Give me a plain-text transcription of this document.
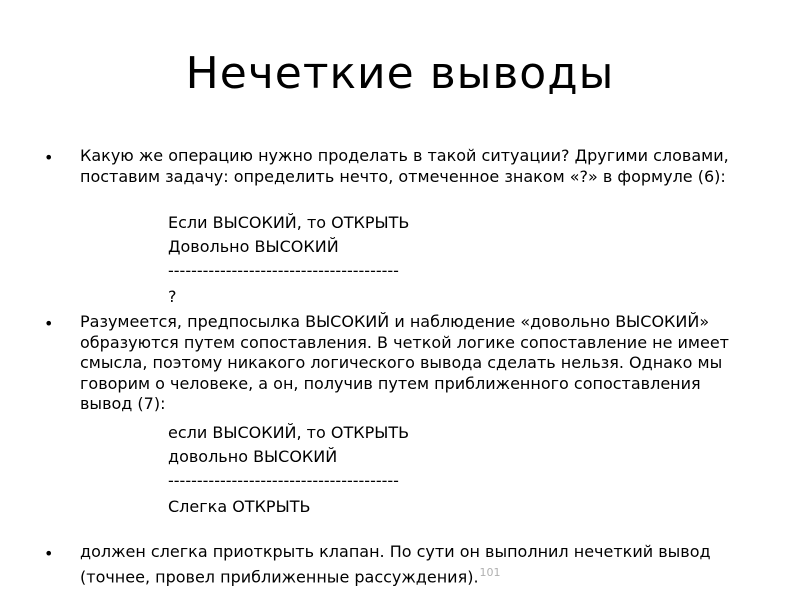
Нечеткие выводы
• Какую же операцию нужно проделать в такой ситуации? Другими словами, поставим задачу: определить нечто, отмеченное знаком «?» в формуле (6):
Если ВЫСОКИЙ, то ОТКРЫТЬ
Довольно ВЫСОКИЙ
----------------------------------------
?
• Разумеется, предпосылка ВЫСОКИЙ и наблюдение «довольно ВЫСОКИЙ» образуются путем сопоставления. В четкой логике сопоставление не имеет смысла, поэтому никакого логического вывода сделать нельзя. Однако мы говорим о человеке, а он, получив путем приближенного сопоставления вывод (7):
если ВЫСОКИЙ, то ОТКРЫТЬ
довольно ВЫСОКИЙ
----------------------------------------
Слегка ОТКРЫТЬ
• должен слегка приоткрыть клапан. По сути он выполнил нечеткий вывод (точнее, провел приближенные рассуждения).$^{101}$
